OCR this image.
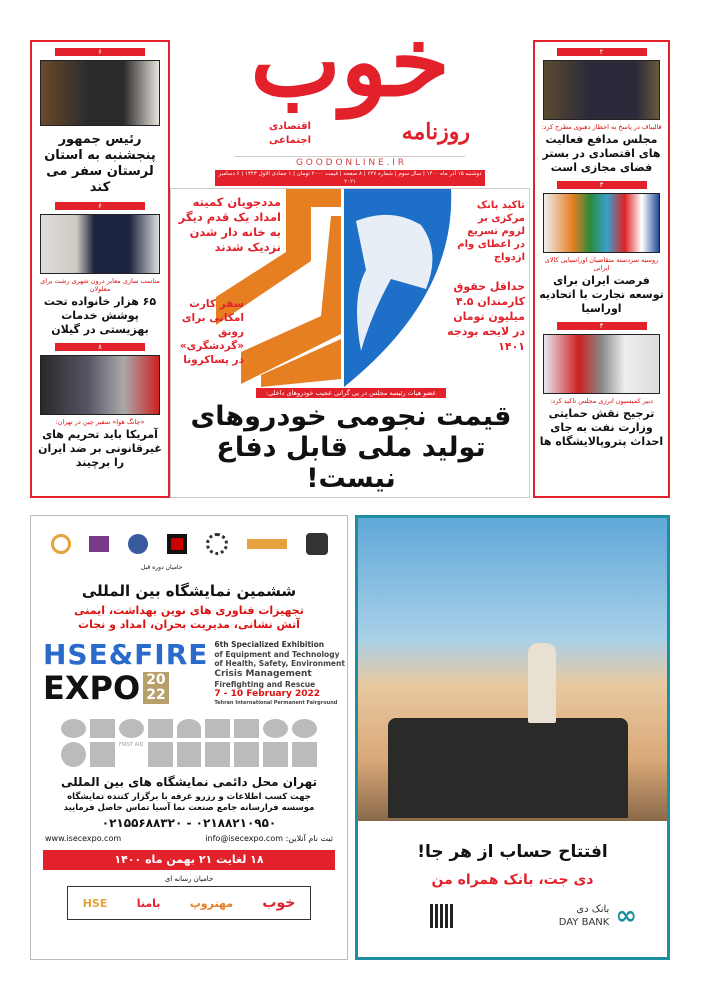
۶
رئیس جمهور پنجشنبه به استان لرستان سفر می کند
۶
مناسب سازی معابر درون شهری رشت برای معلولان
۶۵ هزار خانواده تحت پوشش خدمات بهزیستی در گیلان
۸
«چانگ هوا» سفیر چین در تهران:
آمریکا باید تحریم های غیرقانونی بر ضد ایران را برچیند
خوب
روزنامه
اقتصادی
اجتماعی
G O O D O N L I N E . I R
دوشنبه ۱۵ آذر ماه ۱۴۰۰ | سال سوم | شماره ۶۲۷ | ۸ صفحه | قیمت ۲۰۰۰ تومان | ۱ جمادی الاول ۱۴۴۳ | ۶ دسامبر ۲۰۲۱
مددجویان کمیته امداد یک قدم دیگر به خانه دار شدن نزدیک شدند
تاکید بانک مرکزی بر لزوم تسریع در اعطای وام ازدواج
سفر کارت امکانی برای رونق «گردشگری» در پساکرونا
حداقل حقوق کارمندان ۴.۵ میلیون تومان در لایحه بودجه ۱۴۰۱
عضو هیات رئیسه مجلس در پی گرانی عجیب خودروهای داخلی:
قیمت نجومی خودروهای تولید ملی قابل دفاع نیست!
۲
قالیباف در پاسخ به اخطار دهنوی مطرح کرد:
مجلس مدافع فعالیت های اقتصادی در بستر فضای مجازی است
۳
روسیه سردسته متقاضیان اوراسیایی کالای ایرانی
فرصت ایران برای توسعه تجارت با اتحادیه اوراسیا
۴
دبیر کمیسیون انرژی مجلس تاکید کرد:
ترجیح نقش حمایتی وزارت نفت به جای احداث پتروپالایشگاه ها
حامیان دوره قبل
ششمین نمایشگاه بین المللی
تجهیزات فناوری های نوین بهداشت، ایمنی
آتش نشانی، مدیریت بحران، امداد و نجات
HSE&FIRE
EXPO 20
22
6th Specialized Exhibition
of Equipment and Technology
of Health, Safety, Environment
Crisis Management
Firefighting and Rescue
7 - 10 February 2022
Tehran International Permanent Fairground
FIRST AID
تهران محل دائمی نمایشگاه های بین المللی
جهت کسب اطلاعات و رزرو غرفه با برگزار کننده نمایشگاه
موسسه فرارسانه جامع صنعت نما آسیا تماس حاصل فرمایید
۰۲۱۵۵۶۸۸۳۲۰ - ۰۲۱۸۸۲۱۰۹۵۰
ثبت نام آنلاین: info@isecexpo.com
www.isecexpo.com
۱۸ لغایت ۲۱ بهمن ماه ۱۴۰۰
حامیان رسانه ای
خوب
مهتروپ
بامنا
HSE
افتتاح حساب از هر جا!
دی جت، بانک همراه من
بانک دی
DAY BANK ∞
